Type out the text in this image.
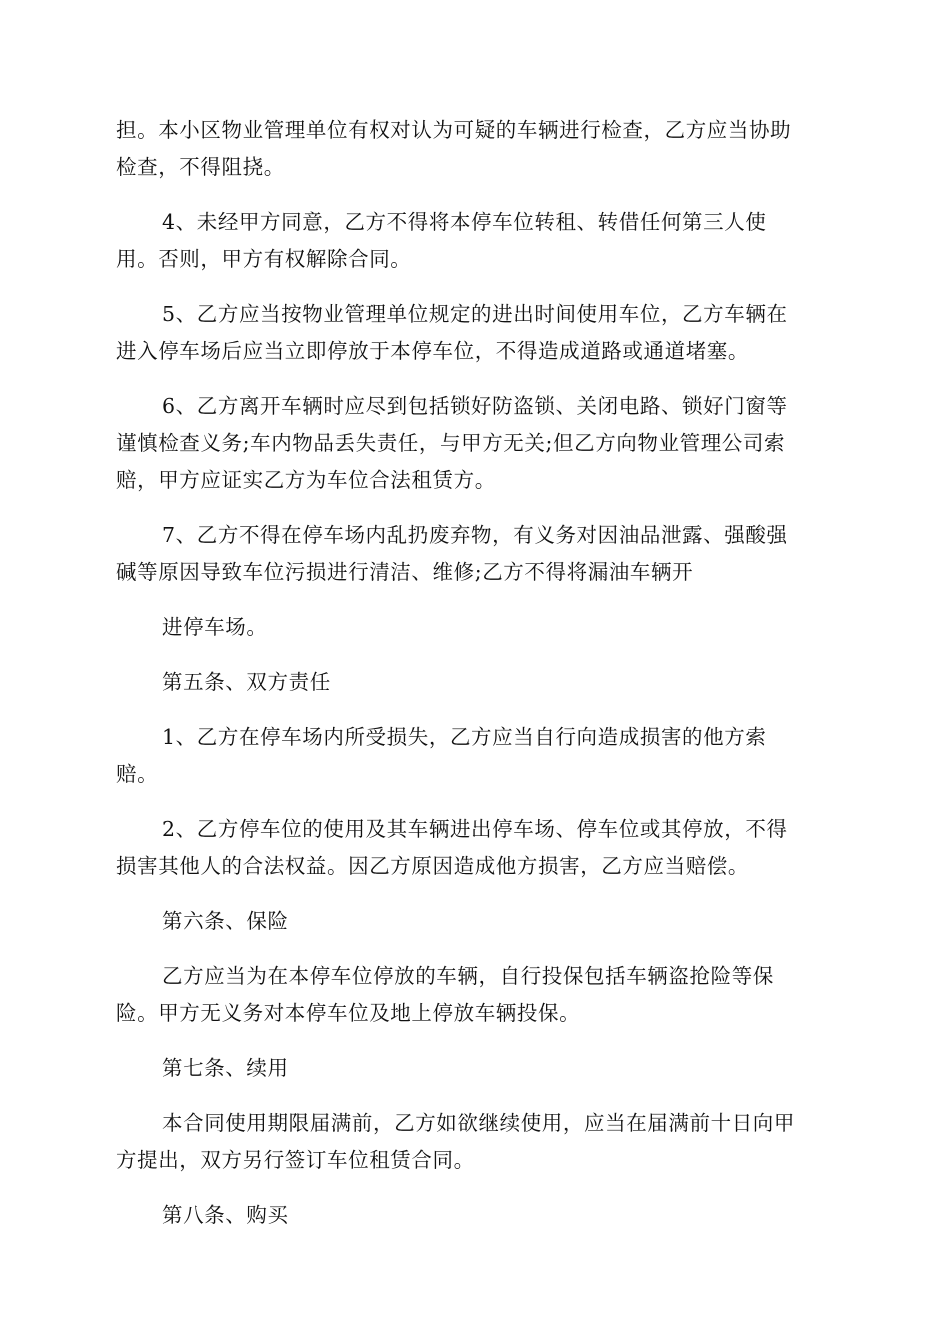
担。本小区物业管理单位有权对认为可疑的车辆进行检查，乙方应当协助
检查，不得阻挠。

4、未经甲方同意，乙方不得将本停车位转租、转借任何第三人使
用。否则，甲方有权解除合同。

5、乙方应当按物业管理单位规定的进出时间使用车位，乙方车辆在
进入停车场后应当立即停放于本停车位，不得造成道路或通道堵塞。

6、乙方离开车辆时应尽到包括锁好防盗锁、关闭电路、锁好门窗等
谨慎检查义务;车内物品丢失责任，与甲方无关;但乙方向物业管理公司索
赔，甲方应证实乙方为车位合法租赁方。

7、乙方不得在停车场内乱扔废弃物，有义务对因油品泄露、强酸强
碱等原因导致车位污损进行清洁、维修;乙方不得将漏油车辆开

进停车场。

第五条、双方责任

1、乙方在停车场内所受损失，乙方应当自行向造成损害的他方索
赔。

2、乙方停车位的使用及其车辆进出停车场、停车位或其停放，不得
损害其他人的合法权益。因乙方原因造成他方损害，乙方应当赔偿。

第六条、保险

乙方应当为在本停车位停放的车辆，自行投保包括车辆盗抢险等保
险。甲方无义务对本停车位及地上停放车辆投保。

第七条、续用

本合同使用期限届满前，乙方如欲继续使用，应当在届满前十日向甲
方提出，双方另行签订车位租赁合同。

第八条、购买
